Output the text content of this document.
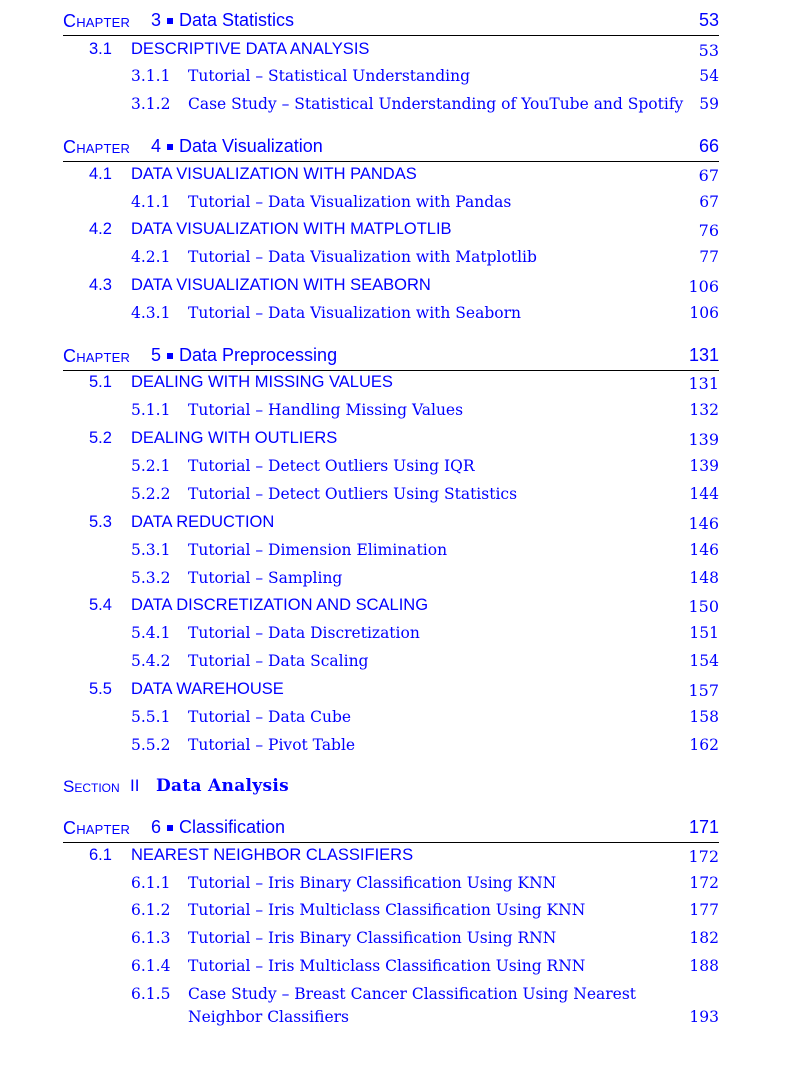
Chapter 3 Data Statistics	53
3.1 DESCRIPTIVE DATA ANALYSIS	53
3.1.1 Tutorial – Statistical Understanding	54
3.1.2 Case Study – Statistical Understanding of YouTube and Spotify 59
Chapter 4 Data Visualization	66
4.1 DATA VISUALIZATION WITH PANDAS	67
4.1.1 Tutorial – Data Visualization with Pandas	67
4.2 DATA VISUALIZATION WITH MATPLOTLIB	76
4.2.1 Tutorial – Data Visualization with Matplotlib	77
4.3 DATA VISUALIZATION WITH SEABORN	106
4.3.1 Tutorial – Data Visualization with Seaborn	106
Chapter 5 Data Preprocessing	131
5.1 DEALING WITH MISSING VALUES	131
5.1.1 Tutorial – Handling Missing Values	132
5.2 DEALING WITH OUTLIERS	139
5.2.1 Tutorial – Detect Outliers Using IQR	139
5.2.2 Tutorial – Detect Outliers Using Statistics	144
5.3 DATA REDUCTION	146
5.3.1 Tutorial – Dimension Elimination	146
5.3.2 Tutorial – Sampling	148
5.4 DATA DISCRETIZATION AND SCALING	150
5.4.1 Tutorial – Data Discretization	151
5.4.2 Tutorial – Data Scaling	154
5.5 DATA WAREHOUSE	157
5.5.1 Tutorial – Data Cube	158
5.5.2 Tutorial – Pivot Table	162
Section II Data Analysis
Chapter 6 Classification	171
6.1 NEAREST NEIGHBOR CLASSIFIERS	172
6.1.1 Tutorial – Iris Binary Classification Using KNN	172
6.1.2 Tutorial – Iris Multiclass Classification Using KNN	177
6.1.3 Tutorial – Iris Binary Classification Using RNN	182
6.1.4 Tutorial – Iris Multiclass Classification Using RNN	188
6.1.5 Case Study – Breast Cancer Classification Using Nearest
Neighbor Classifiers	193
